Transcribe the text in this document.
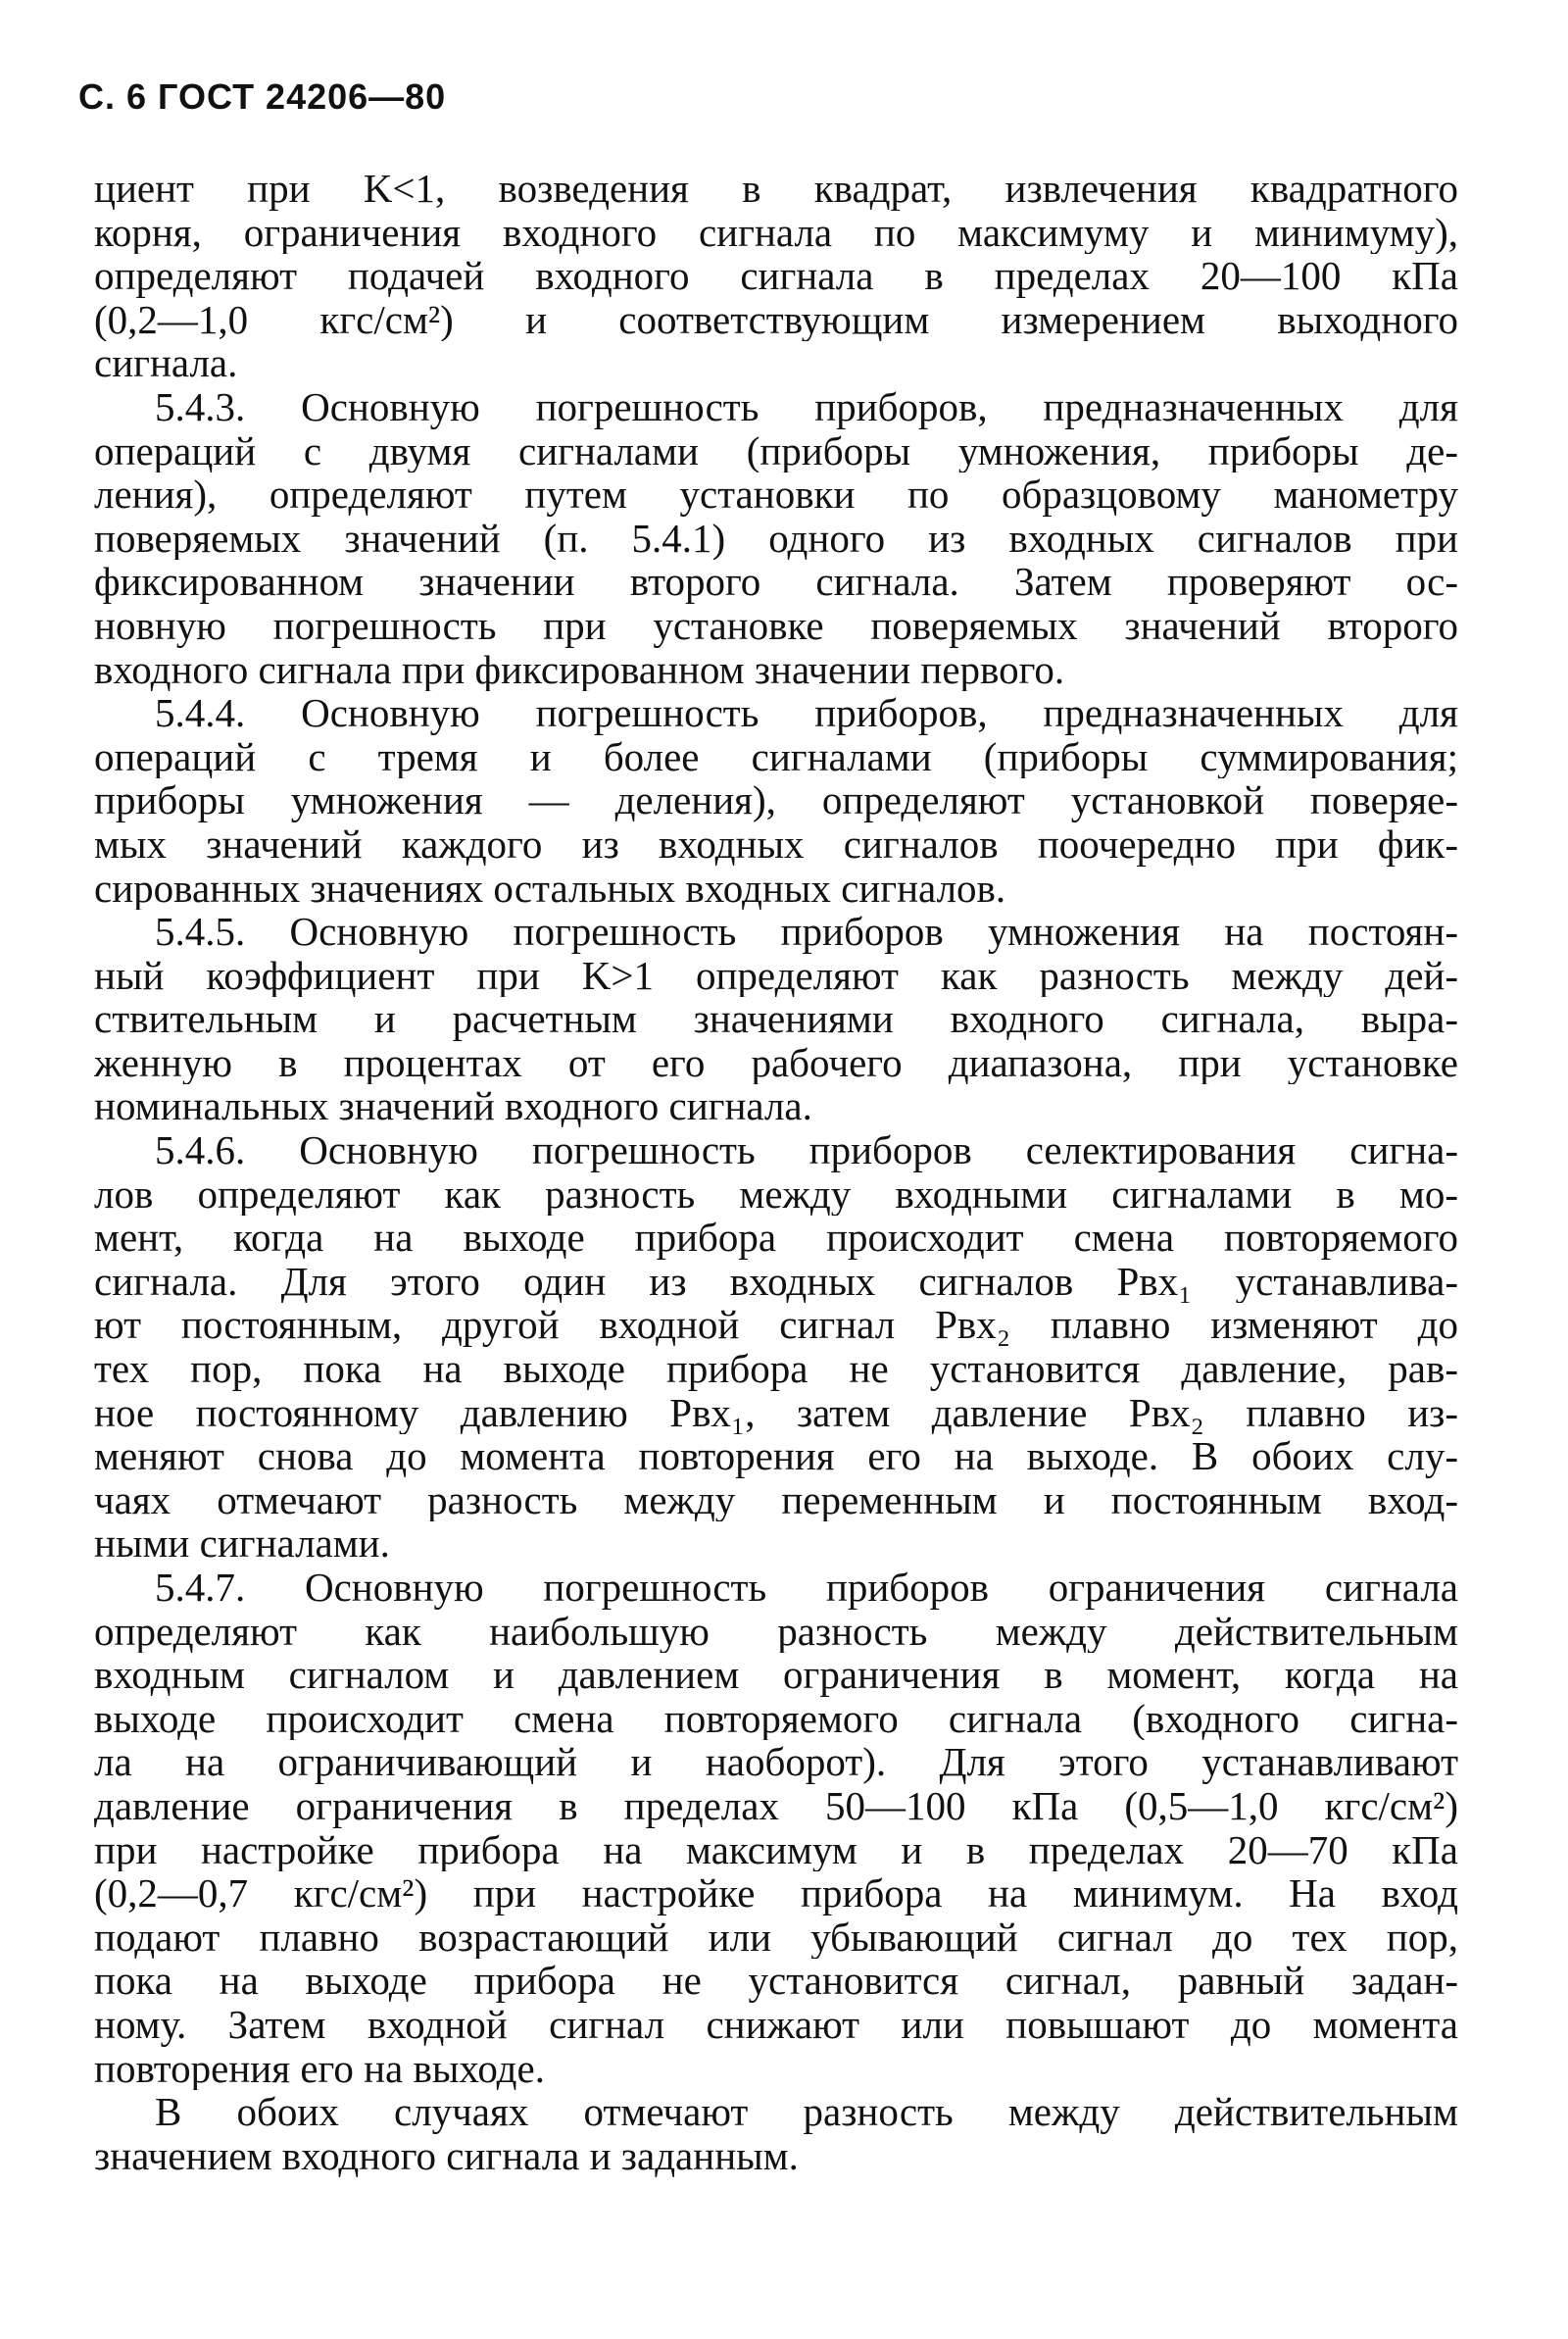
С. 6 ГОСТ 24206—80
циент при K<1, возведения в квадрат, извлечения квадратного
корня, ограничения входного сигнала по максимуму и минимуму),
определяют подачей входного сигнала в пределах 20—100 кПа
(0,2—1,0 кгс/см²) и соответствующим измерением выходного
сигнала.
5.4.3. Основную погрешность приборов, предназначенных для
операций с двумя сигналами (приборы умножения, приборы де-
ления), определяют путем установки по образцовому манометру
поверяемых значений (п. 5.4.1) одного из входных сигналов при
фиксированном значении второго сигнала. Затем проверяют ос-
новную погрешность при установке поверяемых значений второго
входного сигнала при фиксированном значении первого.
5.4.4. Основную погрешность приборов, предназначенных для
операций с тремя и более сигналами (приборы суммирования;
приборы умножения — деления), определяют установкой поверяе-
мых значений каждого из входных сигналов поочередно при фик-
сированных значениях остальных входных сигналов.
5.4.5. Основную погрешность приборов умножения на постоян-
ный коэффициент при K>1 определяют как разность между дей-
ствительным и расчетным значениями входного сигнала, выра-
женную в процентах от его рабочего диапазона, при установке
номинальных значений входного сигнала.
5.4.6. Основную погрешность приборов селектирования сигна-
лов определяют как разность между входными сигналами в мо-
мент, когда на выходе прибора происходит смена повторяемого
сигнала. Для этого один из входных сигналов Pвх₁ устанавлива-
ют постоянным, другой входной сигнал Pвх₂ плавно изменяют до
тех пор, пока на выходе прибора не установится давление, рав-
ное постоянному давлению Pвх₁, затем давление Pвх₂ плавно из-
меняют снова до момента повторения его на выходе. В обоих слу-
чаях отмечают разность между переменным и постоянным вход-
ными сигналами.
5.4.7. Основную погрешность приборов ограничения сигнала
определяют как наибольшую разность между действительным
входным сигналом и давлением ограничения в момент, когда на
выходе происходит смена повторяемого сигнала (входного сигна-
ла на ограничивающий и наоборот). Для этого устанавливают
давление ограничения в пределах 50—100 кПа (0,5—1,0 кгс/см²)
при настройке прибора на максимум и в пределах 20—70 кПа
(0,2—0,7 кгс/см²) при настройке прибора на минимум. На вход
подают плавно возрастающий или убывающий сигнал до тех пор,
пока на выходе прибора не установится сигнал, равный задан-
ному. Затем входной сигнал снижают или повышают до момента
повторения его на выходе.
В обоих случаях отмечают разность между действительным
значением входного сигнала и заданным.
